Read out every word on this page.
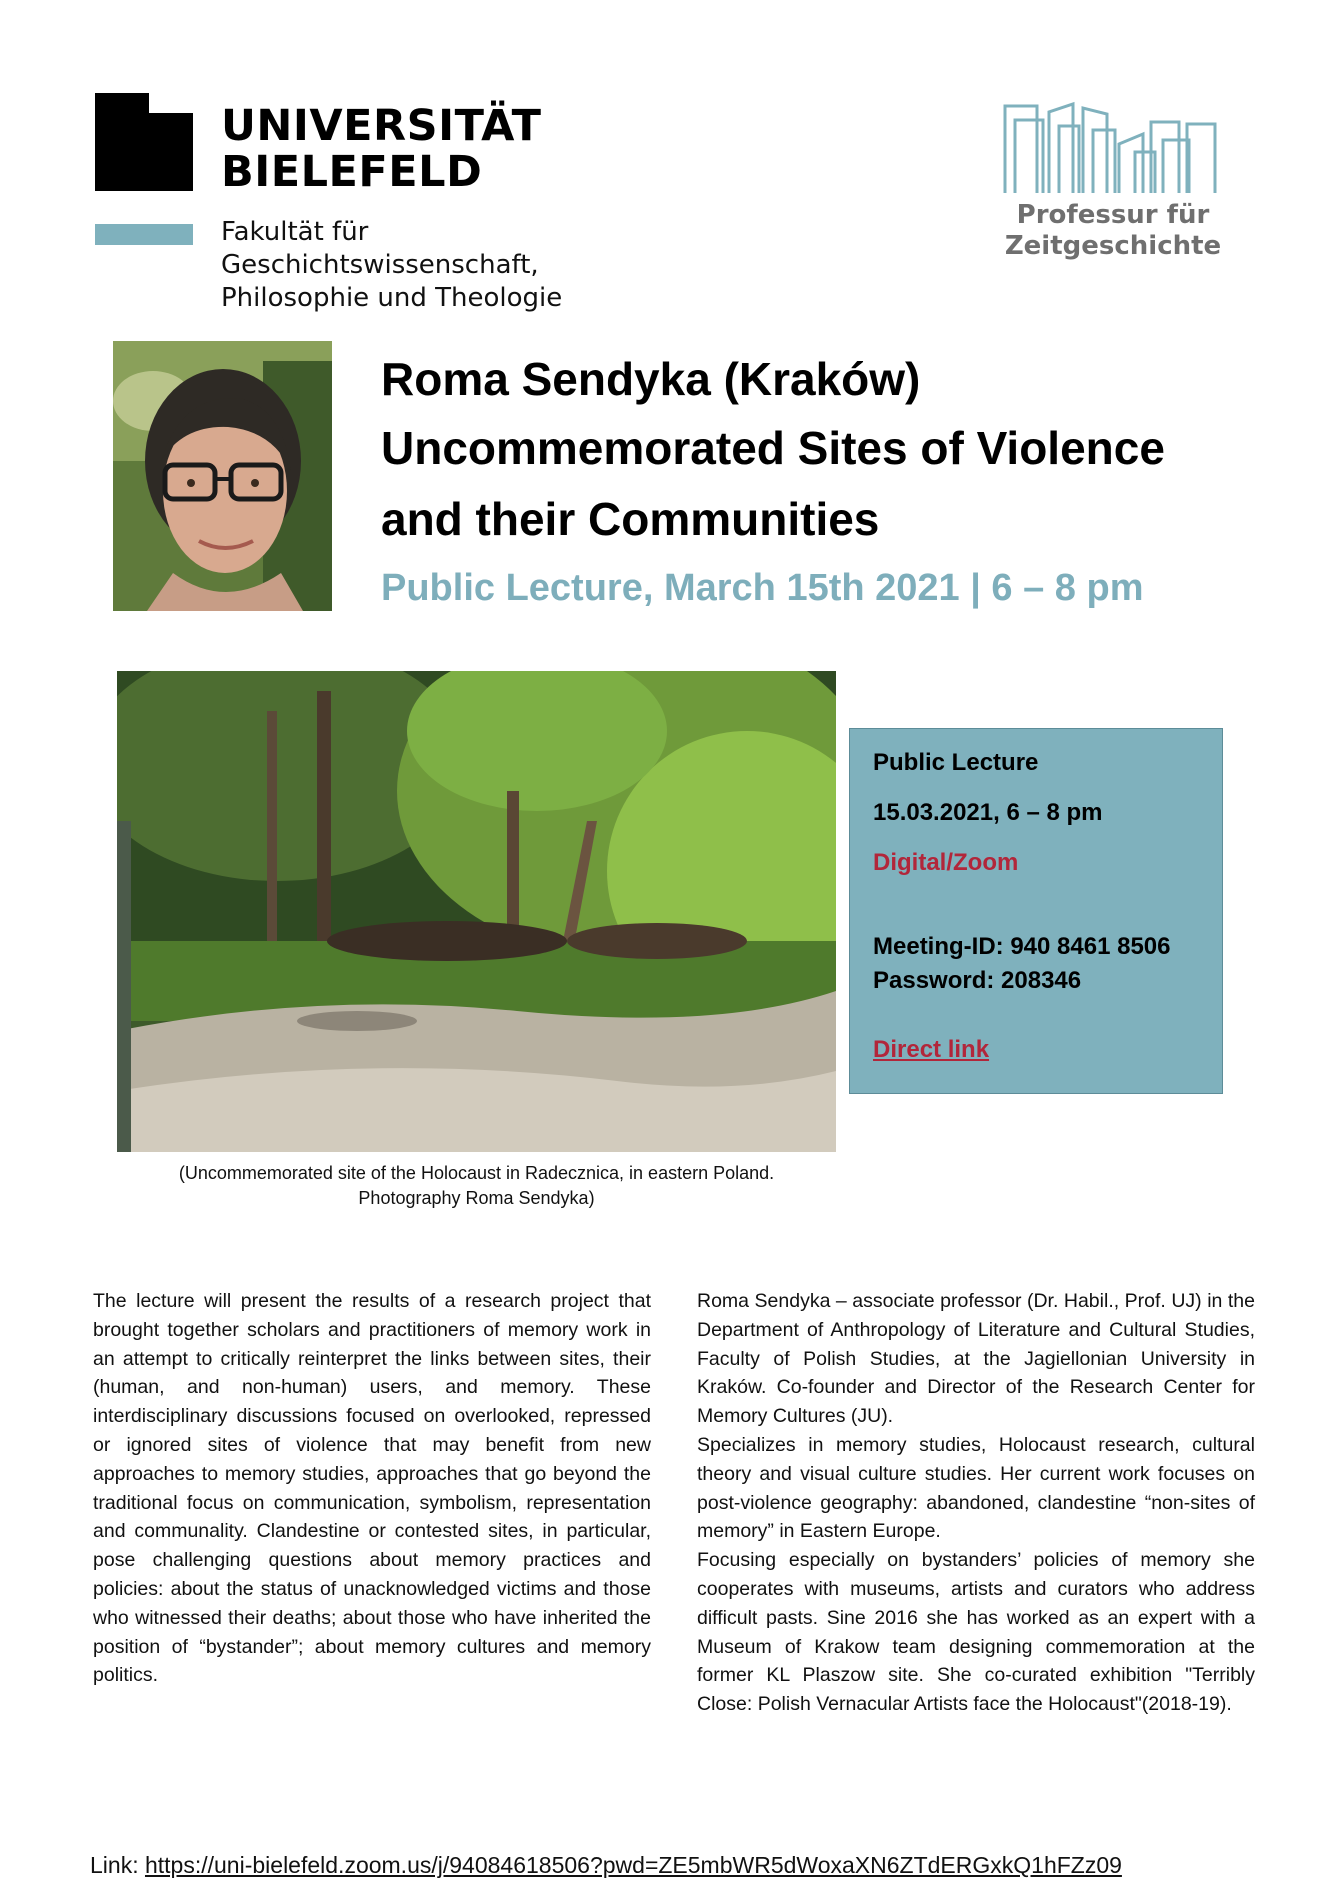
UNIVERSITÄT
BIELEFELD
Fakultät für
Geschichtswissenschaft,
Philosophie und Theologie
Professur für
Zeitgeschichte
Roma Sendyka (Kraków)
Uncommemorated Sites of Violence
and their Communities
Public Lecture, March 15th 2021 | 6 – 8 pm
(Uncommemorated site of the Holocaust in Radecznica, in eastern Poland.
Photography Roma Sendyka)
Public Lecture
15.03.2021, 6 – 8 pm
Digital/Zoom
Meeting-ID: 940 8461 8506
Password: 208346
Direct link

The lecture will present the results of a research project that brought together scholars and practitioners of memory work in an attempt to critically reinterpret the links between sites, their (human, and non-human) users, and memory. These interdisciplinary discussions focused on overlooked, repressed or ignored sites of violence that may benefit from new approaches to memory studies, approaches that go beyond the traditional focus on communication, symbolism, representation and communality. Clandestine or contested sites, in particular, pose challenging questions about memory practices and policies: about the status of unacknowledged victims and those who witnessed their deaths; about those who have inherited the position of “bystander”; about memory cultures and memory politics.

Roma Sendyka – associate professor (Dr. Habil., Prof. UJ) in the Department of Anthropology of Literature and Cultural Studies, Faculty of Polish Studies, at the Jagiellonian University in Kraków. Co-founder and Director of the Research Center for Memory Cultures (JU).

Specializes in memory studies, Holocaust research, cultural theory and visual culture studies. Her current work focuses on post-violence geography: abandoned, clandestine “non-sites of memory” in Eastern Europe.

Focusing especially on bystanders’ policies of memory she cooperates with museums, artists and curators who address difficult pasts. Sine 2016 she has worked as an expert with a Museum of Krakow team designing commemoration at the former KL Plaszow site. She co-curated exhibition "Terribly Close: Polish Vernacular Artists face the Holocaust"(2018-19).

Link: https://uni-bielefeld.zoom.us/j/94084618506?pwd=ZE5mbWR5dWoxaXN6ZTdERGxkQ1hFZz09
